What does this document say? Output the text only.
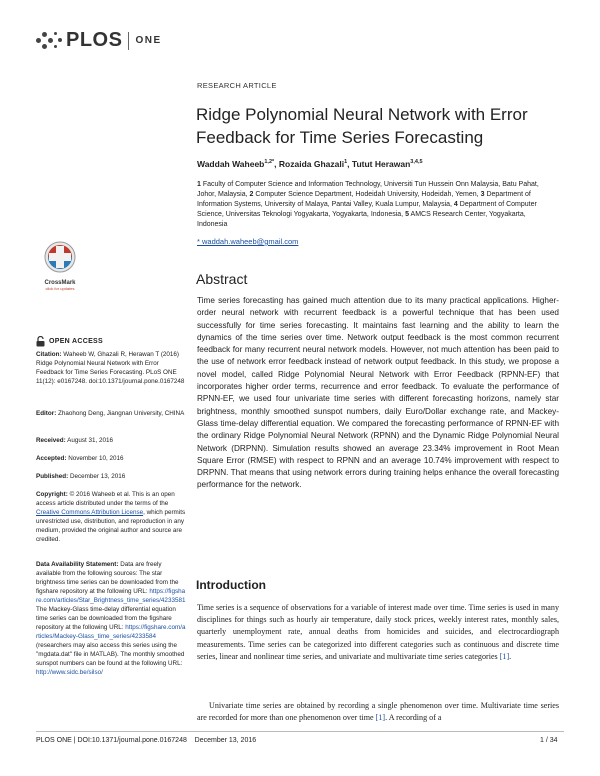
PLOS ONE
RESEARCH ARTICLE
Ridge Polynomial Neural Network with Error Feedback for Time Series Forecasting
Waddah Waheeb$^{1,2*}$, Rozaida Ghazali$^1$, Tutut Herawan$^{3,4,5}$
1 Faculty of Computer Science and Information Technology, Universiti Tun Hussein Onn Malaysia, Batu Pahat, Johor, Malaysia, 2 Computer Science Department, Hodeidah University, Hodeidah, Yemen, 3 Department of Information Systems, University of Malaya, Pantai Valley, Kuala Lumpur, Malaysia, 4 Department of Computer Science, Universitas Teknologi Yogyakarta, Yogyakarta, Indonesia, 5 AMCS Research Center, Yogyakarta, Indonesia
* waddah.waheeb@gmail.com
Abstract
Time series forecasting has gained much attention due to its many practical applications. Higher-order neural network with recurrent feedback is a powerful technique that has been used successfully for time series forecasting. It maintains fast learning and the ability to learn the dynamics of the time series over time. Network output feedback is the most common recurrent feedback for many recurrent neural network models. However, not much attention has been paid to the use of network error feedback instead of network output feedback. In this study, we propose a novel model, called Ridge Polynomial Neural Network with Error Feedback (RPNN-EF) that incorporates higher order terms, recurrence and error feedback. To evaluate the performance of RPNN-EF, we used four univariate time series with different forecasting horizons, namely star brightness, monthly smoothed sunspot numbers, daily Euro/Dollar exchange rate, and Mackey-Glass time-delay differential equation. We compared the forecasting performance of RPNN-EF with the ordinary Ridge Polynomial Neural Network (RPNN) and the Dynamic Ridge Polynomial Neural Network (DRPNN). Simulation results showed an average 23.34% improvement in Root Mean Square Error (RMSE) with respect to RPNN and an average 10.74% improvement with respect to DRPNN. That means that using network errors during training helps enhance the overall forecasting performance for the network.
Introduction
Time series is a sequence of observations for a variable of interest made over time. Time series is used in many disciplines for things such as hourly air temperature, daily stock prices, weekly interest rates, monthly sales, quarterly unemployment rate, annual deaths from homicides and suicides, and electrocardiograph measurements. Time series can be categorized into different categories such as continuous and discrete time series, linear and nonlinear time series, and univariate and multivariate time series categories [1].
Univariate time series are obtained by recording a single phenomenon over time. Multivariate time series are recorded for more than one phenomenon over time [1]. A recording of a
CrossMark
click for updates
OPEN ACCESS
Citation: Waheeb W, Ghazali R, Herawan T (2016) Ridge Polynomial Neural Network with Error Feedback for Time Series Forecasting. PLoS ONE 11(12): e0167248. doi:10.1371/journal.pone.0167248
Editor: Zhaohong Deng, Jiangnan University, CHINA
Received: August 31, 2016
Accepted: November 10, 2016
Published: December 13, 2016
Copyright: © 2016 Waheeb et al. This is an open access article distributed under the terms of the Creative Commons Attribution License, which permits unrestricted use, distribution, and reproduction in any medium, provided the original author and source are credited.
Data Availability Statement: Data are freely available from the following sources: The star brightness time series can be downloaded from the figshare repository at the following URL: https://figshare.com/articles/Star_Brightness_time_series/4233581 The Mackey-Glass time-delay differential equation time series can be downloaded from the figshare repository at the following URL: https://figshare.com/articles/Mackey-Glass_time_series/4233584 (researchers may also access this series using the "mgdata.dat" file in MATLAB). The monthly smoothed sunspot numbers can be found at the following URL: http://www.sidc.be/silso/
PLOS ONE | DOI:10.1371/journal.pone.0167248    December 13, 2016	1 / 34
